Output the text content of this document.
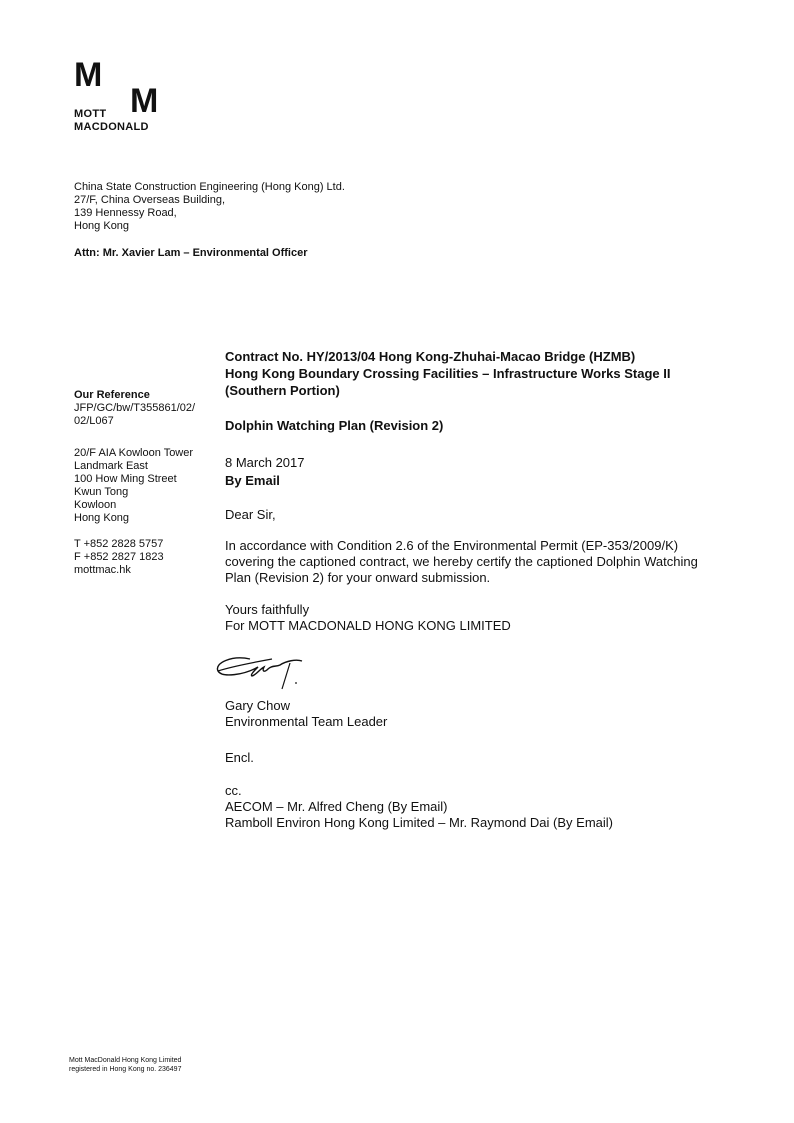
M
M
MOTT
MACDONALD
China State Construction Engineering (Hong Kong) Ltd.
27/F, China Overseas Building,
139 Hennessy Road,
Hong Kong
Attn: Mr. Xavier Lam – Environmental Officer
Our Reference
JFP/GC/bw/T355861/02/
02/L067
20/F AIA Kowloon Tower
Landmark East
100 How Ming Street
Kwun Tong
Kowloon
Hong Kong
T +852 2828 5757
F +852 2827 1823
mottmac.hk
Contract No. HY/2013/04 Hong Kong-Zhuhai-Macao Bridge (HZMB)
Hong Kong Boundary Crossing Facilities – Infrastructure Works Stage II
(Southern Portion)
Dolphin Watching Plan (Revision 2)
8 March 2017
By Email
Dear Sir,
In accordance with Condition 2.6 of the Environmental Permit (EP-353/2009/K)
covering the captioned contract, we hereby certify the captioned Dolphin Watching
Plan (Revision 2) for your onward submission.
Yours faithfully
For MOTT MACDONALD HONG KONG LIMITED
Gary Chow
Environmental Team Leader
Encl.
cc.
AECOM – Mr. Alfred Cheng (By Email)
Ramboll Environ Hong Kong Limited – Mr. Raymond Dai (By Email)
Mott MacDonald Hong Kong Limited
registered in Hong Kong no. 236497
